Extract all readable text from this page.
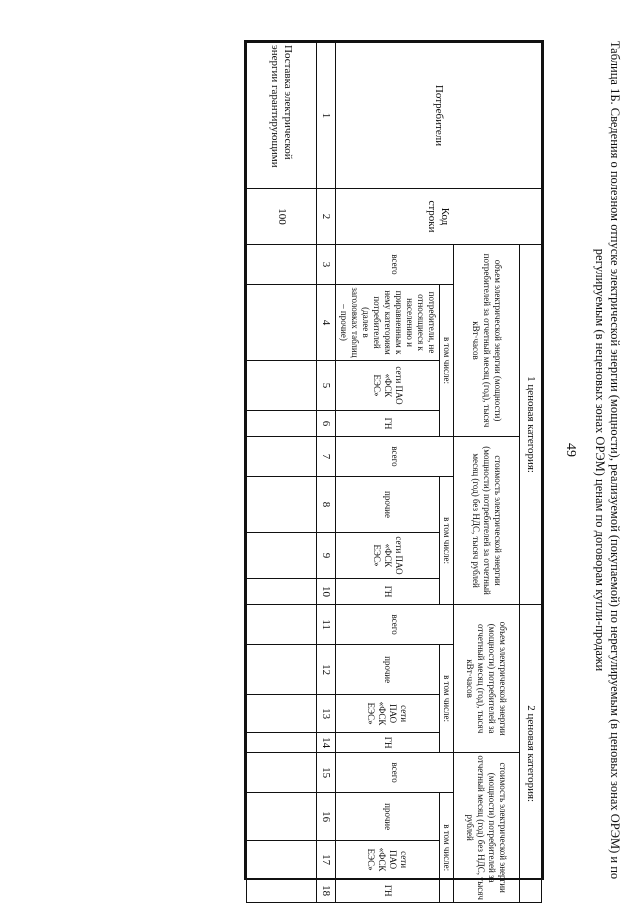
49	Таблица 1Б. Сведения о полезном отпуске электрической энергии (мощности), реализуемой (покупаемой) по нерегулируемым (в ценовых зонах ОРЭМ) и по регулируемым (в неценовых зонах ОРЭМ) ценам по договорам купли-продажи
Потребители	Код строки	1 ценовая категория:								2 ценовая категория:							
		объем электрической энергии (мощности) потребителей за отчетный месяц (год), тысяч кВт·часов				стоимость электрической энергии (мощности) потребителей за отчетный месяц (год) без НДС, тысяч рублей				объем электрической энергии (мощности) потребителей за отчетный месяц (год), тысяч кВт·часов				стоимость электрической энергии (мощности) потребителей за отчетный месяц (год) без НДС, тысяч рублей			
		всего	в том числе:			всего	в том числе:			всего	в том числе:			всего	в том числе:		
			потребители, не относящиеся к населению и приравненным к нему категориям потребителей (далее в заголовках таблиц – прочие)	сети ПАО «ФСК ЕЭС»	ГН		прочие	сети ПАО «ФСК ЕЭС»	ГН		прочие	сети ПАО «ФСК ЕЭС»	ГН		прочие	сети ПАО «ФСК ЕЭС»	ГН
1	2	3	4	5	6	7	8	9	10	11	12	13	14	15	16	17	18
Поставка электрической энергии гарантирующими	100																
